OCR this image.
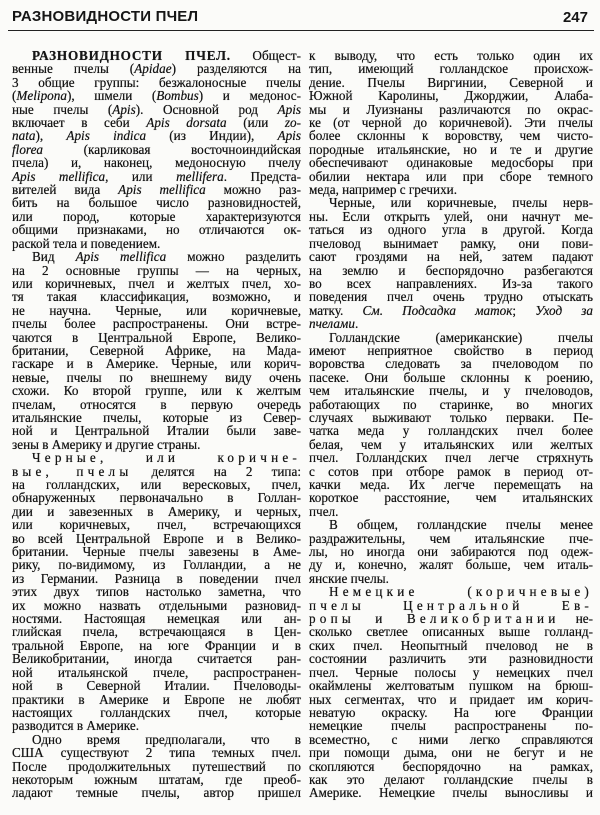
РАЗНОВИДНОСТИ ПЧЕЛ	247
РАЗНОВИДНОСТИ ПЧЕЛ. Общест-
венные пчелы (Apidae) разделяются на
3 общие группы: безжалоносные пчелы
(Melipona), шмели (Bombus) и медонос-
ные пчелы (Apis). Основной род Apis
включает в себи Apis dorsata (или zo-
nata), Apis indica (из Индии), Apis
florea (карликовая восточноиндийская
пчела) и, наконец, медоносную пчелу
Apis mellifica, или mellifera. Предста-
вителей вида Apis mellifica можно раз-
бить на большое число разновидностей,
или пород, которые характеризуются
общими признаками, но отличаются ок-
раской тела и поведением.
Вид Apis mellifica можно разделить
на 2 основные группы — на черных,
или коричневых, пчел и желтых пчел, хо-
тя такая классификация, возможно, и
не научна. Черные, или коричневые,
пчелы более распространены. Они встре-
чаются в Центральной Европе, Велико-
британии, Северной Африке, на Мада-
гаскаре и в Америке. Черные, или корич-
невые, пчелы по внешнему виду очень
схожи. Ко второй группе, или к желтым
пчелам, относятся в первую очередь
итальянские пчелы, которые из Север-
ной и Центральной Италии были заве-
зены в Америку и другие страны.
Черные, или коричне-
вые, пчелы делятся на 2 типа:
на голландских, или вересковых, пчел,
обнаруженных первоначально в Голлан-
дии и завезенных в Америку, и черных,
или коричневых, пчел, встречающихся
во всей Центральной Европе и в Велико-
британии. Черные пчелы завезены в Аме-
рику, по-видимому, из Голландии, а не
из Германии. Разница в поведении пчел
этих двух типов настолько заметна, что
их можно назвать отдельными разновид-
ностями. Настоящая немецкая или ан-
глийская пчела, встречающаяся в Цен-
тральной Европе, на юге Франции и в
Великобритании, иногда считается ран-
ной итальянской пчеле, распространен-
ной в Северной Италии. Пчеловоды-
практики в Америке и Европе не любят
настоящих голландских пчел, которые
разводится в Америке.
Одно время предполагали, что в
США существуют 2 типа темных пчел.
После продолжительных путешествий по
некоторым южным штатам, где преоб-
ладают темные пчелы, автор пришел
к выводу, что есть только один их
тип, имеющий голландское происхож-
дение. Пчелы Виргинии, Северной и
Южной Каролины, Джорджии, Алаба-
мы и Луизнаны различаются по окрас-
ке (от черной до коричневой). Эти пчелы
более склонны к воровству, чем чисто-
породные итальянские, но и те и другие
обеспечивают одинаковые медосборы при
обилии нектара или при сборе темного
меда, например с гречихи.
Черные, или коричневые, пчелы нерв-
ны. Если открыть улей, они начнут ме-
таться из одного угла в другой. Когда
пчеловод вынимает рамку, они пови-
сают гроздями на ней, затем падают
на землю и беспорядочно разбегаются
во всех направлениях. Из-за такого
поведения пчел очень трудно отыскать
матку. См. Подсадка маток; Уход за
пчелами.
Голландские (американские) пчелы
имеют неприятное свойство в период
воровства следовать за пчеловодом по
пасеке. Они больше склонны к роению,
чем итальянские пчелы, и у пчеловодов,
работающих по старинке, во многих
случаях выживают только перваки. Пе-
чатка меда у голландских пчел более
белая, чем у итальянских или желтых
пчел. Голландских пчел легче стряхнуть
с сотов при отборе рамок в период от-
качки меда. Их легче перемещать на
короткое расстояние, чем итальянских
пчел.
В общем, голландские пчелы менее
раздражительны, чем итальянские пче-
лы, но иногда они забираются под одеж-
ду и, конечно, жалят больше, чем италь-
янские пчелы.
Немецкие (коричневые)
пчелы Центральной Ев-
ропы и Великобритании не-
сколько светлее описанных выше голланд-
ских пчел. Неопытный пчеловод не в
состоянии различить эти разновидности
пчел. Черные полосы у немецких пчел
окаймлены желтоватым пушком на брюш-
ных сегментах, что и придает им корич-
неватую окраску. На юге Франции
немецкие пчелы распространены по-
всеместно, с ними легко справляются
при помощи дыма, они не бегут и не
скопляются беспорядочно на рамках,
как это делают голландские пчелы в
Америке. Немецкие пчелы выносливы и
